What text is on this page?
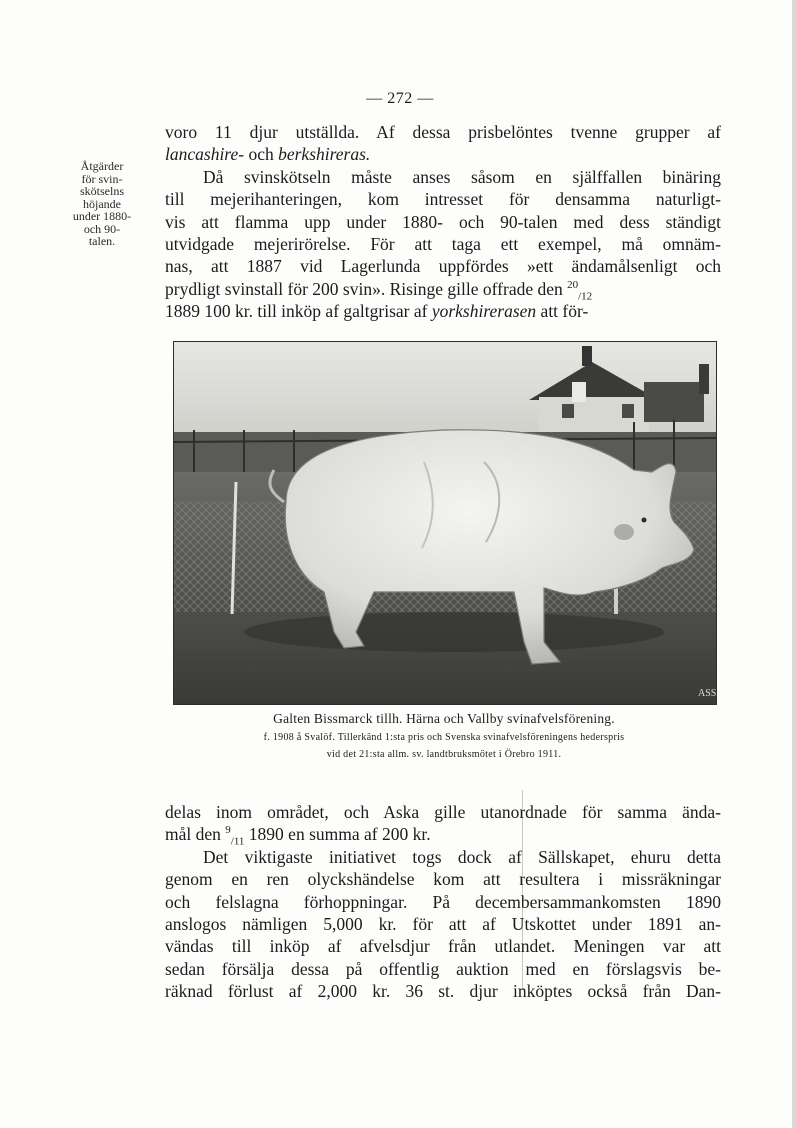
— 272 —
Åtgärder
för svin-
skötselns
höjande
under 1880-
och 90-
talen.
voro 11 djur utställda. Af dessa prisbelöntes tvenne grupper af
lancashire- och berkshireras.
Då svinskötseln måste anses såsom en själffallen binäring
till mejerihanteringen, kom intresset för densamma naturligt-
vis att flamma upp under 1880- och 90-talen med dess ständigt
utvidgade mejerirörelse. För att taga ett exempel, må omnäm-
nas, att 1887 vid Lagerlunda uppfördes »ett ändamålsenligt och
prydligt svinstall för 200 svin». Risinge gille offrade den $^{20}_{/12}$
1889 100 kr. till inköp af galtgrisar af yorkshirerasen att för-
ASS
Galten Bissmarck tillh. Härna och Vallby svinafvelsförening.
f. 1908 å Svalöf. Tillerkänd 1:sta pris och Svenska svinafvelsföreningens hederspris
vid det 21:sta allm. sv. landtbruksmötet i Örebro 1911.
delas inom området, och Aska gille utanordnade för samma ända-
mål den $^9_{/11}$ 1890 en summa af 200 kr.
Det viktigaste initiativet togs dock af Sällskapet, ehuru detta
genom en ren olyckshändelse kom att resultera i missräkningar
och felslagna förhoppningar. På decembersammankomsten 1890
anslogos nämligen 5,000 kr. för att af Utskottet under 1891 an-
vändas till inköp af afvelsdjur från utlandet. Meningen var att
sedan försälja dessa på offentlig auktion med en förslagsvis be-
räknad förlust af 2,000 kr. 36 st. djur inköptes också från Dan-
